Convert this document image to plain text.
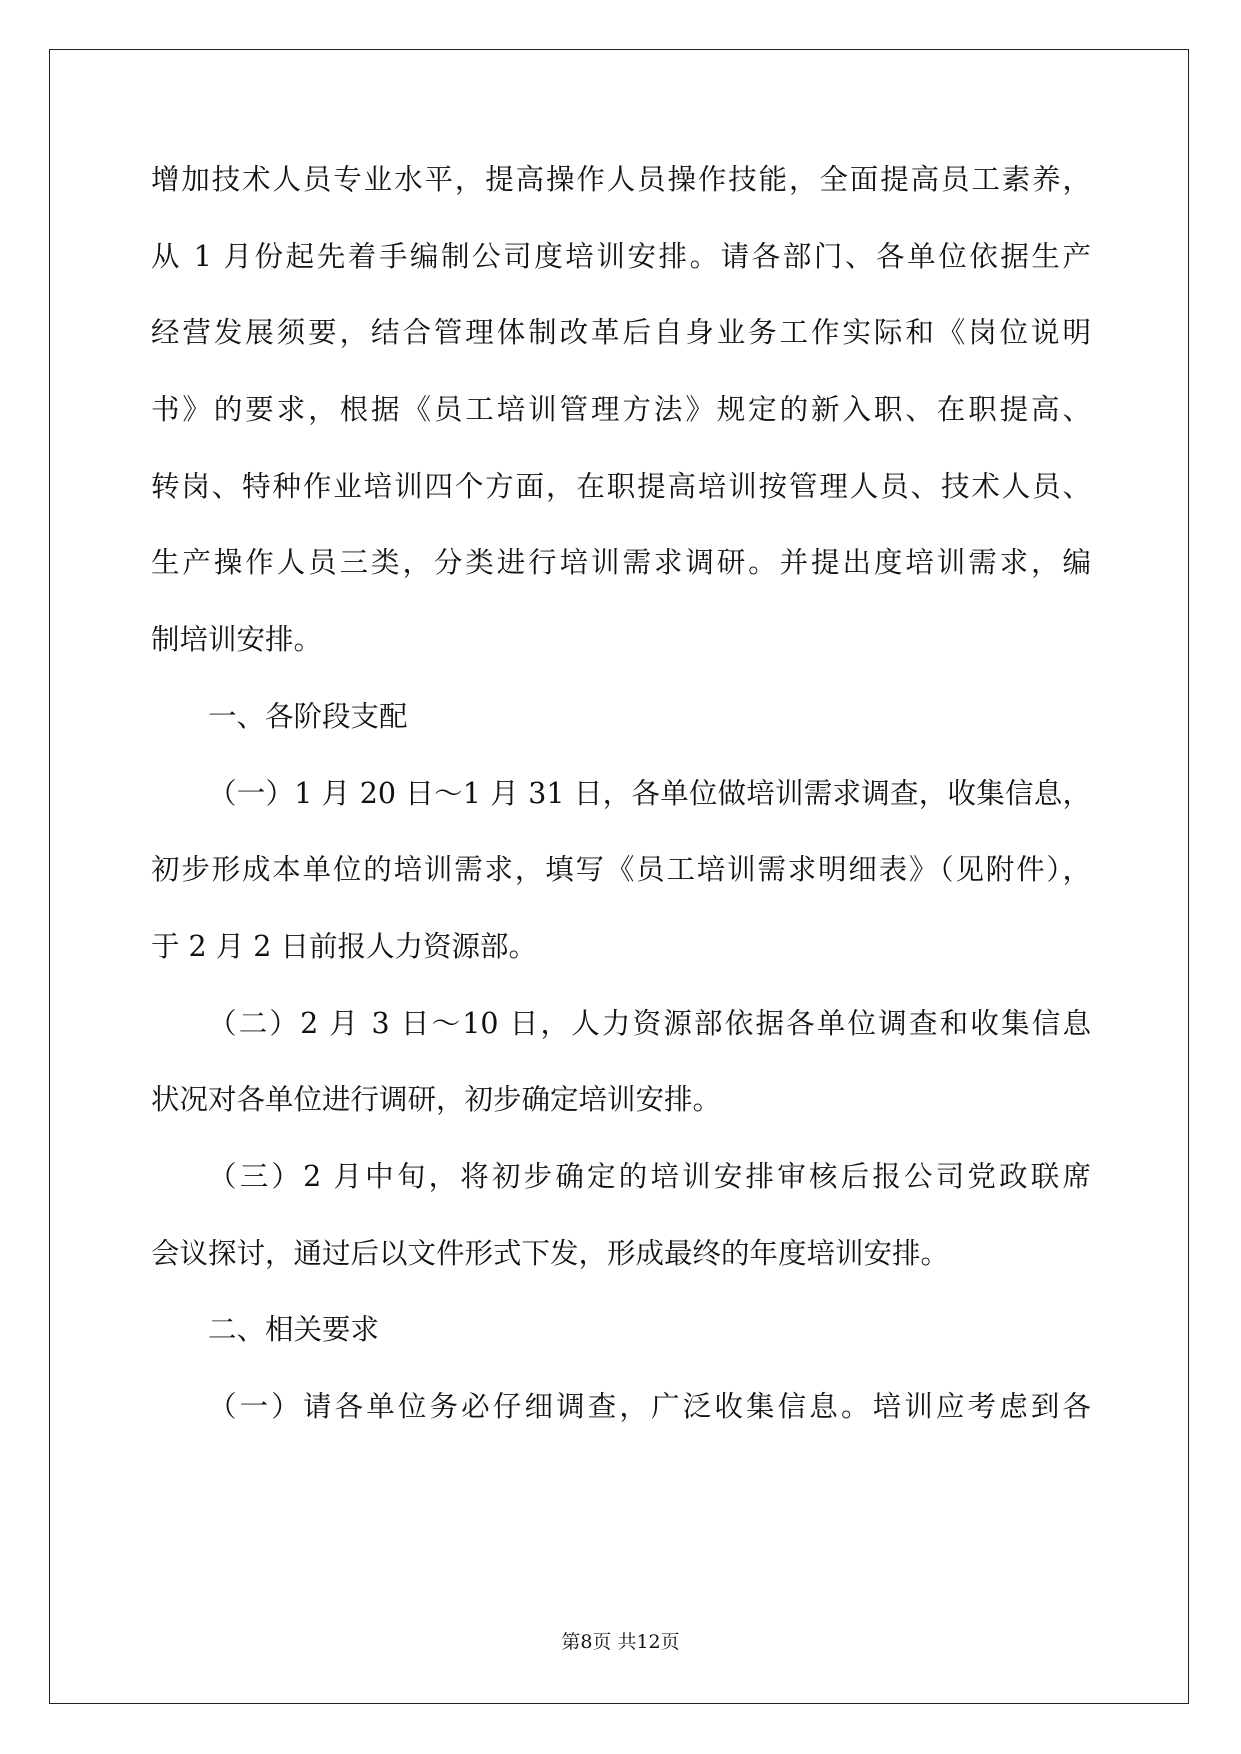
增加技术人员专业水平，提高操作人员操作技能，全面提高员工素养，
从 1 月份起先着手编制公司度培训安排。请各部门、各单位依据生产
经营发展须要，结合管理体制改革后自身业务工作实际和《岗位说明
书》的要求，根据《员工培训管理方法》规定的新入职、在职提高、
转岗、特种作业培训四个方面，在职提高培训按管理人员、技术人员、
生产操作人员三类，分类进行培训需求调研。并提出度培训需求，编
制培训安排。
一、各阶段支配
（一）1 月 20 日～1 月 31 日，各单位做培训需求调查，收集信息，
初步形成本单位的培训需求，填写《员工培训需求明细表》（见附件），
于 2 月 2 日前报人力资源部。
（二）2 月 3 日～10 日，人力资源部依据各单位调查和收集信息
状况对各单位进行调研，初步确定培训安排。
（三）2 月中旬，将初步确定的培训安排审核后报公司党政联席
会议探讨，通过后以文件形式下发，形成最终的年度培训安排。
二、相关要求
（一）请各单位务必仔细调查，广泛收集信息。培训应考虑到各
第8页 共12页
